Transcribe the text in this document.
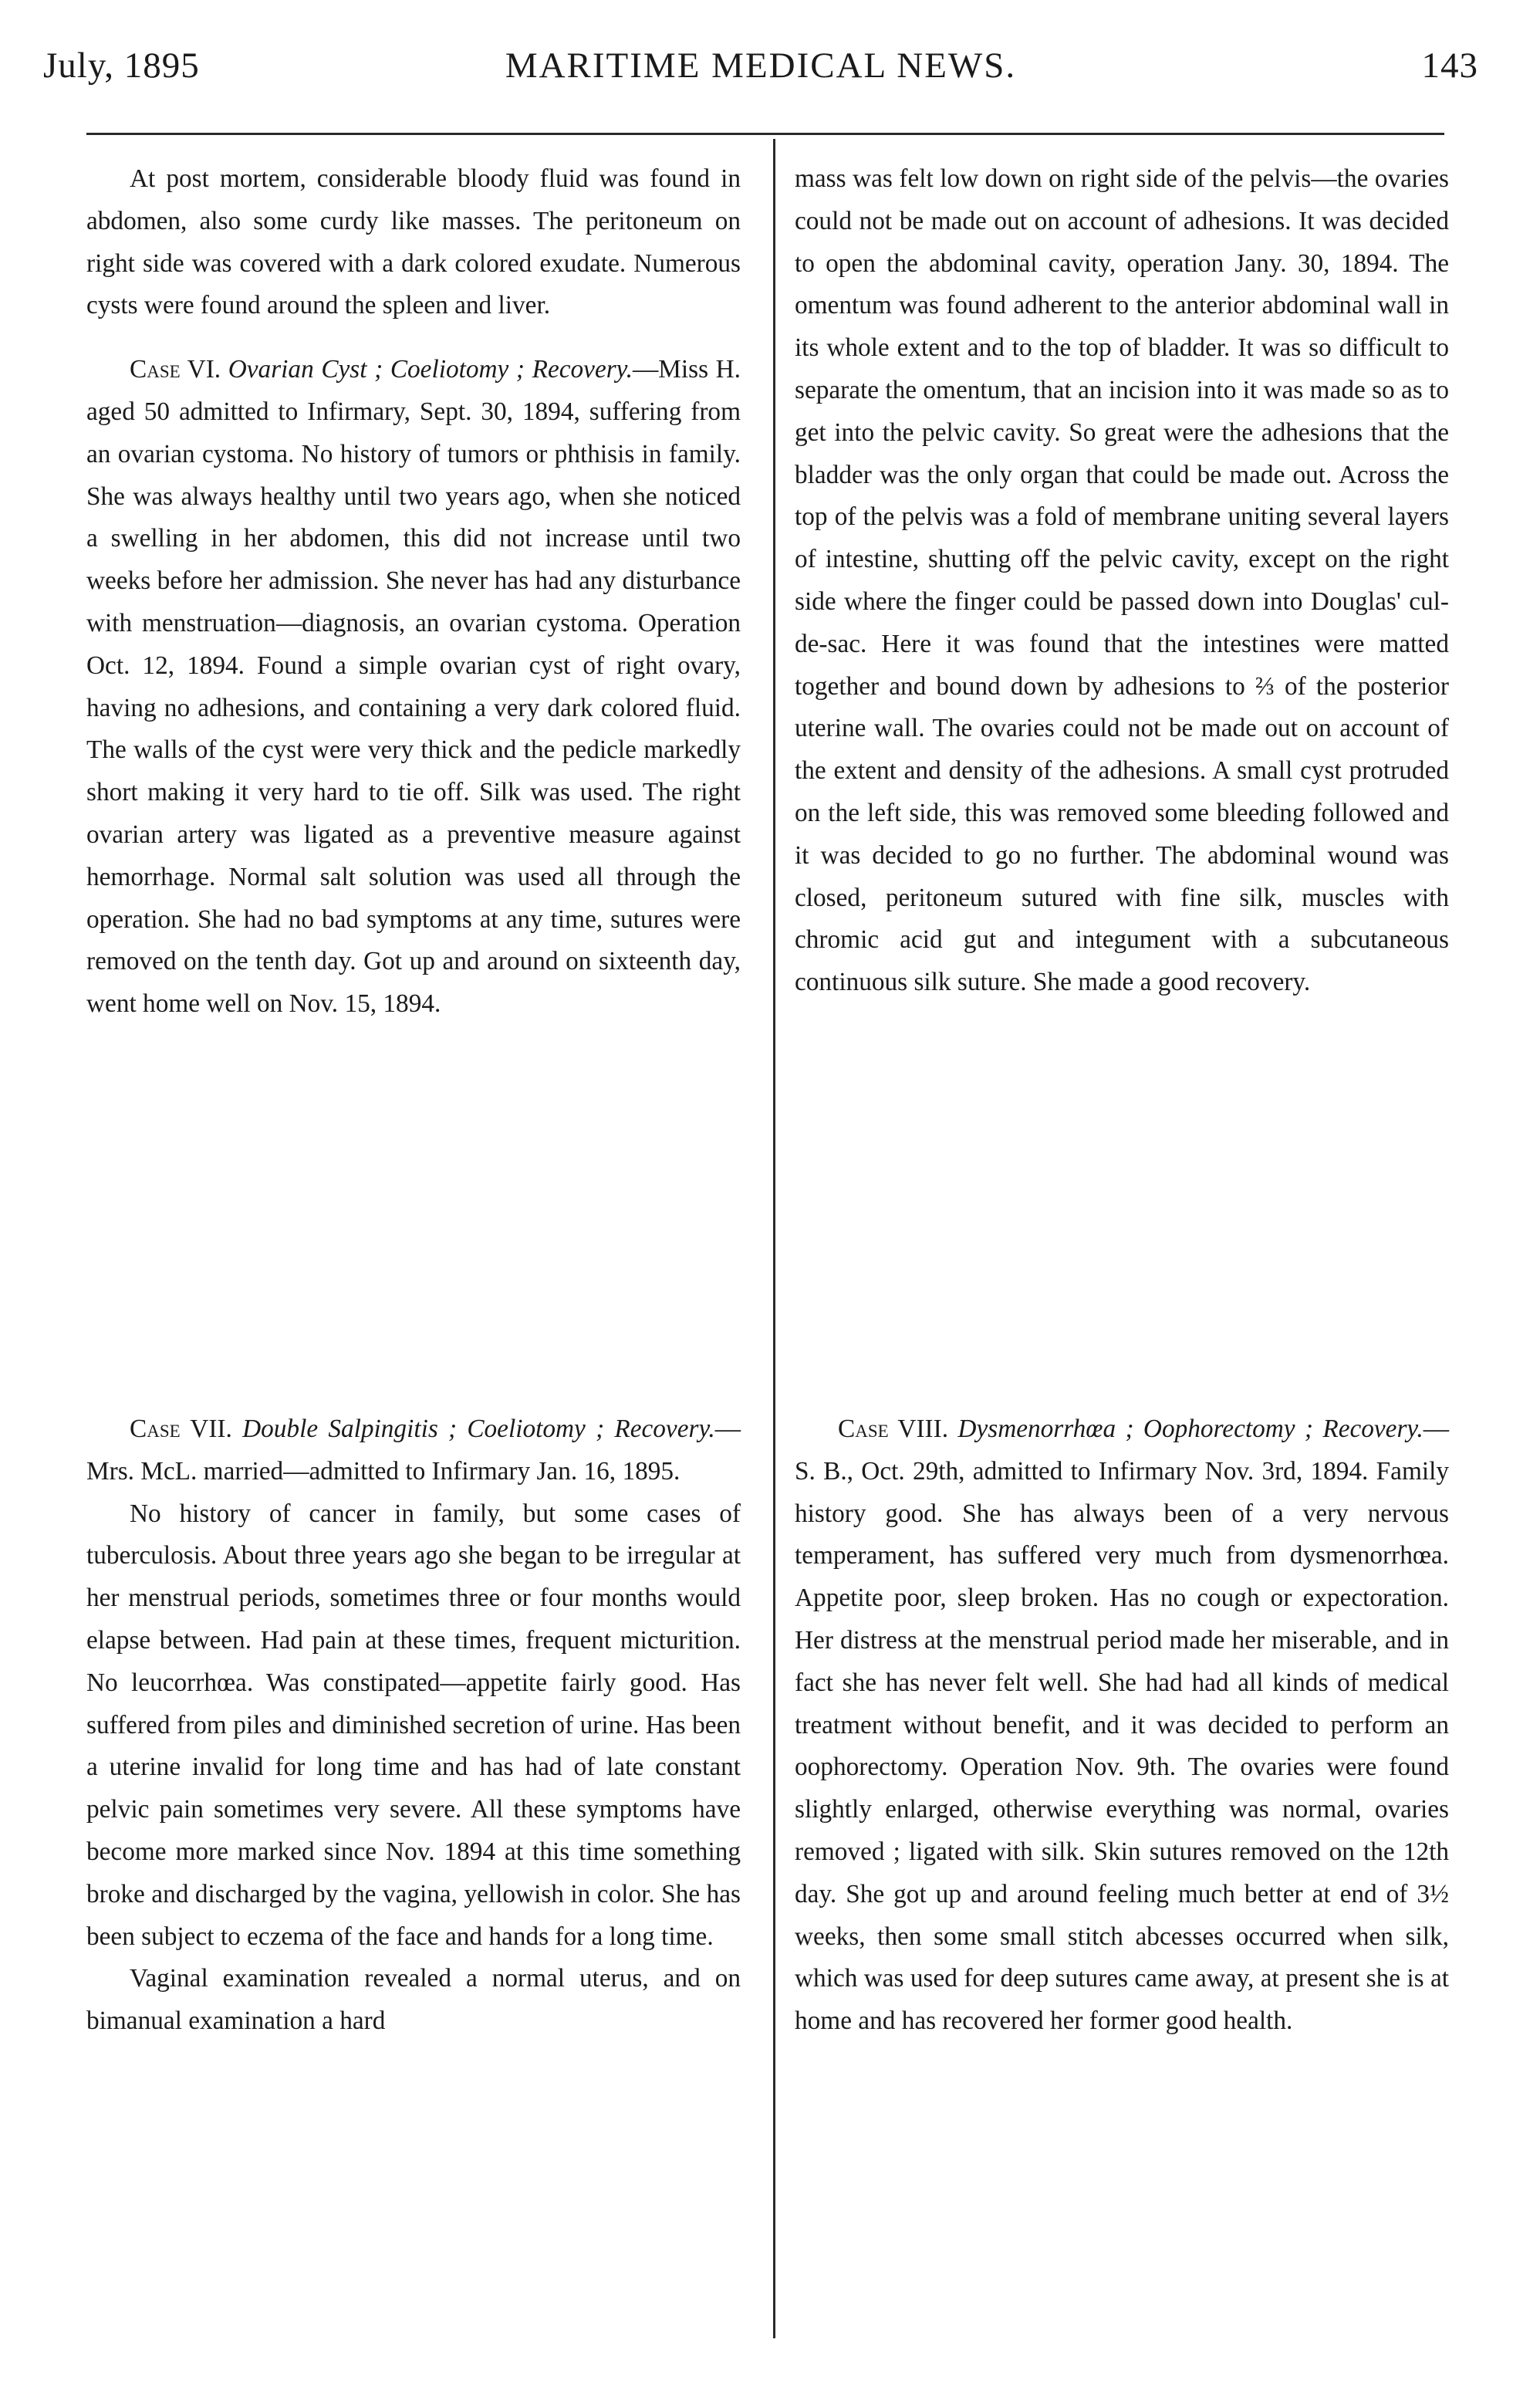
July, 1895	MARITIME MEDICAL NEWS.	143

At post mortem, considerable bloody fluid was found in abdomen, also some curdy like masses. The peritoneum on right side was covered with a dark colored exudate. Numerous cysts were found around the spleen and liver.

Case VI. Ovarian Cyst ; Coeliotomy ; Recovery.—Miss H. aged 50 admitted to Infirmary, Sept. 30, 1894, suffering from an ovarian cystoma. No history of tumors or phthisis in family. She was always healthy until two years ago, when she noticed a swelling in her abdomen, this did not increase until two weeks before her admission. She never has had any disturbance with menstruation—diagnosis, an ovarian cystoma. Operation Oct. 12, 1894. Found a simple ovarian cyst of right ovary, having no adhesions, and containing a very dark colored fluid. The walls of the cyst were very thick and the pedicle markedly short making it very hard to tie off. Silk was used. The right ovarian artery was ligated as a preventive measure against hemorrhage. Normal salt solution was used all through the operation. She had no bad symptoms at any time, sutures were removed on the tenth day. Got up and around on sixteenth day, went home well on Nov. 15, 1894.

Case VII. Double Salpingitis ; Coeliotomy ; Recovery.—Mrs. McL. married—admitted to Infirmary Jan. 16, 1895.

No history of cancer in family, but some cases of tuberculosis. About three years ago she began to be irregular at her menstrual periods, sometimes three or four months would elapse between. Had pain at these times, frequent micturition. No leucorrhœa. Was constipated—appetite fairly good. Has suffered from piles and diminished secretion of urine. Has been a uterine invalid for long time and has had of late constant pelvic pain sometimes very severe. All these symptoms have become more marked since Nov. 1894 at this time something broke and discharged by the vagina, yellowish in color. She has been subject to eczema of the face and hands for a long time.

Vaginal examination revealed a normal uterus, and on bimanual examination a hard

mass was felt low down on right side of the pelvis—the ovaries could not be made out on account of adhesions. It was decided to open the abdominal cavity, operation Jany. 30, 1894. The omentum was found adherent to the anterior abdominal wall in its whole extent and to the top of bladder. It was so difficult to separate the omentum, that an incision into it was made so as to get into the pelvic cavity. So great were the adhesions that the bladder was the only organ that could be made out. Across the top of the pelvis was a fold of membrane uniting several layers of intestine, shutting off the pelvic cavity, except on the right side where the finger could be passed down into Douglas' cul-de-sac. Here it was found that the intestines were matted together and bound down by adhesions to ⅔ of the posterior uterine wall. The ovaries could not be made out on account of the extent and density of the adhesions. A small cyst protruded on the left side, this was removed some bleeding followed and it was decided to go no further. The abdominal wound was closed, peritoneum sutured with fine silk, muscles with chromic acid gut and integument with a subcutaneous continuous silk suture. She made a good recovery.

Case VIII. Dysmenorrhœa ; Oophorectomy ; Recovery.—S. B., Oct. 29th, admitted to Infirmary Nov. 3rd, 1894. Family history good. She has always been of a very nervous temperament, has suffered very much from dysmenorrhœa. Appetite poor, sleep broken. Has no cough or expectoration. Her distress at the menstrual period made her miserable, and in fact she has never felt well. She had had all kinds of medical treatment without benefit, and it was decided to perform an oophorectomy. Operation Nov. 9th. The ovaries were found slightly enlarged, otherwise everything was normal, ovaries removed ; ligated with silk. Skin sutures removed on the 12th day. She got up and around feeling much better at end of 3½ weeks, then some small stitch abcesses occurred when silk, which was used for deep sutures came away, at present she is at home and has recovered her former good health.
